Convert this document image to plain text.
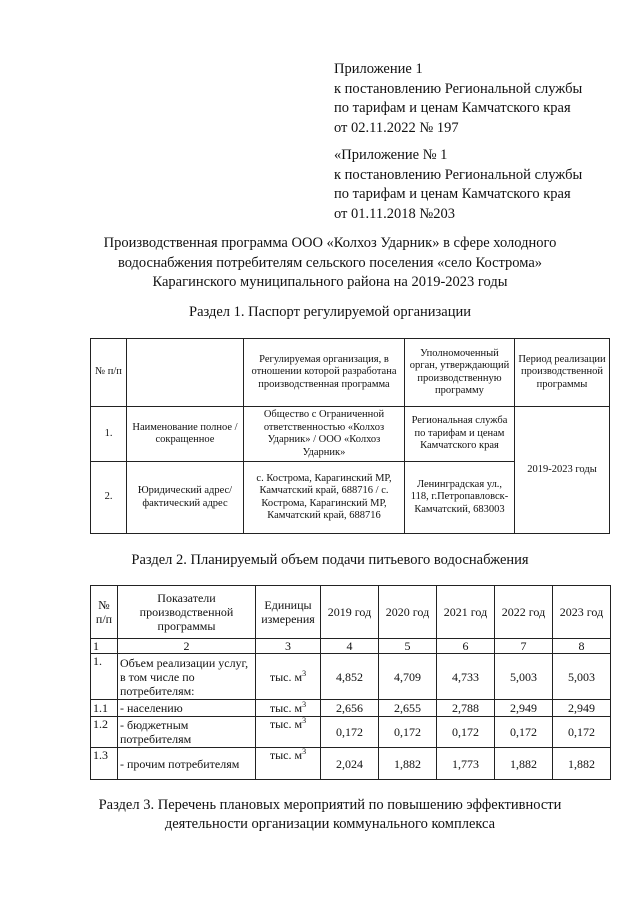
Приложение 1
к постановлению Региональной службы
по тарифам и ценам Камчатского края
от 02.11.2022 № 197
«Приложение № 1
к постановлению Региональной службы
по тарифам и ценам Камчатского края
от 01.11.2018 №203
Производственная программа ООО «Колхоз Ударник» в сфере холодного
водоснабжения потребителям сельского поселения «село Кострома»
Карагинского муниципального района на 2019-2023 годы
Раздел 1. Паспорт регулируемой организации
№ п/п		Регулируемая организация, в отношении которой разработана производственная программа	Уполномоченный орган, утверждающий производственную программу	Период реализации производственной программы
1.	Наименование полное / сокращенное	Общество с Ограниченной ответственностью «Колхоз Ударник» / ООО «Колхоз Ударник»	Региональная служба по тарифам и ценам Камчатского края	2019-2023 годы
2.	Юридический адрес/фактический адрес	с. Кострома, Карагинский МР, Камчатский край, 688716 / с. Кострома, Карагинский МР, Камчатский край, 688716	Ленинградская ул., 118, г.Петропавловск-Камчатский, 683003	
Раздел 2. Планируемый объем подачи питьевого водоснабжения
№ п/п	Показатели производственной программы	Единицы измерения	2019 год	2020 год	2021 год	2022 год	2023 год
1	2	3	4	5	6	7	8
1.	Объем реализации услуг, в том числе по потребителям:	тыс. $м^3$	4,852	4,709	4,733	5,003	5,003
1.1	- населению	тыс. $м^3$	2,656	2,655	2,788	2,949	2,949
1.2	- бюджетным потребителям	тыс. $м^3$	0,172	0,172	0,172	0,172	0,172
1.3	- прочим потребителям	тыс. $м^3$	2,024	1,882	1,773	1,882	1,882
Раздел 3. Перечень плановых мероприятий по повышению эффективности
деятельности организации коммунального комплекса
